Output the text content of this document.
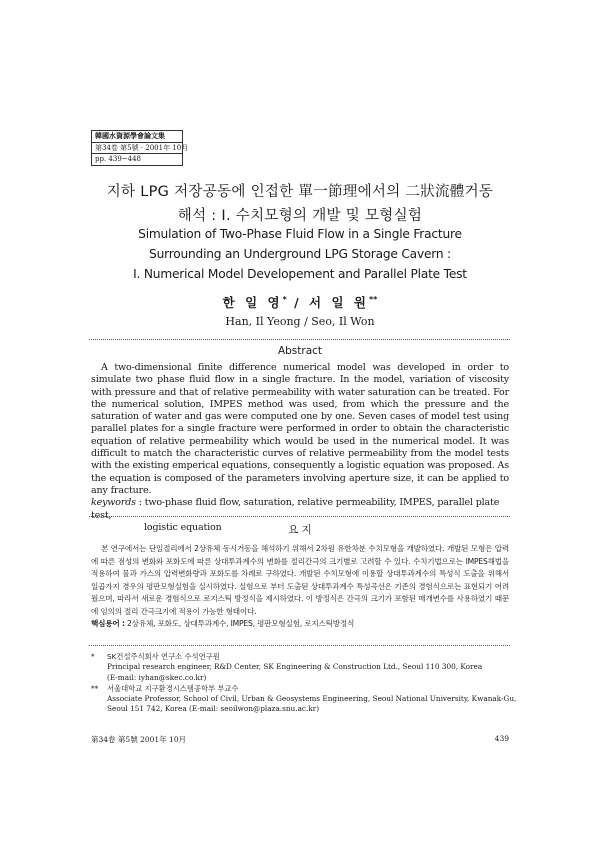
韓國水資源學會論文集
第34卷 第5號 · 2001年 10月
pp. 439~448
지하 LPG 저장공동에 인접한 單一節理에서의 二狀流體거동
해석 : Ⅰ. 수치모형의 개발 및 모형실험
Simulation of Two-Phase Fluid Flow in a Single Fracture
Surrounding an Underground LPG Storage Cavern :
Ⅰ. Numerical Model Developement and Parallel Plate Test
한 일 영* / 서 일 원**
Han, Il Yeong / Seo, Il Won
Abstract
A two-dimensional finite difference numerical model was developed in order to simulate two phase fluid flow in a single fracture. In the model, variation of viscosity with pressure and that of relative permeability with water saturation can be treated. For the numerical solution, IMPES method was used, from which the pressure and the saturation of water and gas were computed one by one. Seven cases of model test using parallel plates for a single fracture were performed in order to obtain the characteristic equation of relative permeability which would be used in the numerical model. It was difficult to match the characteristic curves of relative permeability from the model tests with the existing emperical equations, consequently a logistic equation was proposed. As the equation is composed of the parameters involving aperture size, it can be applied to any fracture.
keywords : two-phase fluid flow, saturation, relative permeability, IMPES, parallel plate test,
logistic equation	요 지
본 연구에서는 단일절리에서 2상유체 동시거동을 해석하기 위해서 2차원 유한차분 수치모형을 개발하였다. 개발된 모형은 압력에 따른 점성의 변화와 포화도에 따른 상대투과계수의 변화를 절리간극의 크기별로 고려할 수 있다. 수치기법으로는 IMPES해법을 적용하여 물과 가스의 압력변화량과 포화도를 차례로 구하였다. 개발된 수치모형에 이용할 상대투과계수의 특성식 도출을 위해서 일곱가지 경우의 평판모형실험을 실시하였다. 실험으로 부터 도출된 상대투과계수 특성곡선은 기존의 경험식으로는 표현되기 어려웠으며, 따라서 새로운 경험식으로 로지스틱 방정식을 제시하였다. 이 방정식은 간극의 크기가 포함된 매개변수를 사용하였기 때문에 임의의 절리 간극크기에 적용이 가능한 형태이다.
핵심용어 : 2상유체, 포화도, 상대투과계수, IMPES, 평판모형실험, 로지스틱방정식
*	SK건설주식회사 연구소 수석연구원
Principal research engineer, R&D Center, SK Engineering & Construction Ltd., Seoul 110 300, Korea
(E-mail: iyhan@skec.co.kr)
**	서울대학교 지구환경시스템공학부 부교수
Associate Professor, School of Civil, Urban & Geosystems Engineering, Seoul National University, Kwanak-Gu,
Seoul 151 742, Korea (E-mail: seoilwon@plaza.snu.ac.kr)
第34卷 第5號 2001年 10月	439
